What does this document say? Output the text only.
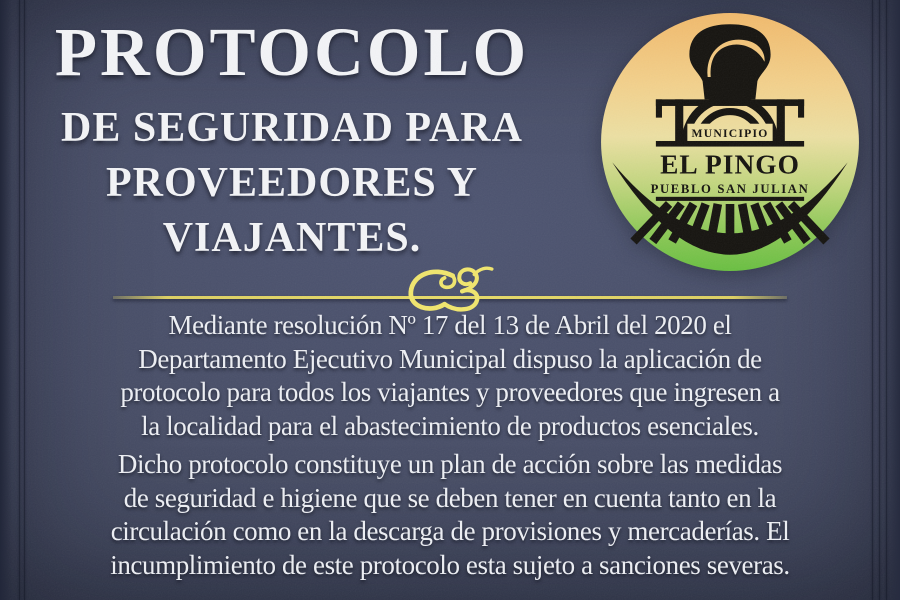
PROTOCOLO
DE SEGURIDAD PARA
PROVEEDORES Y
VIAJANTES.
MUNICIPIO
EL PINGO
PUEBLO SAN JULIAN
Mediante resolución Nº 17 del 13 de Abril del 2020 el
Departamento Ejecutivo Municipal dispuso la aplicación de
protocolo para todos los viajantes y proveedores que ingresen a
la localidad para el abastecimiento de productos esenciales.
Dicho protocolo constituye un plan de acción sobre las medidas
de seguridad e higiene que se deben tener en cuenta tanto en la
circulación como en la descarga de provisiones y mercaderías. El
incumplimiento de este protocolo esta sujeto a sanciones severas.
